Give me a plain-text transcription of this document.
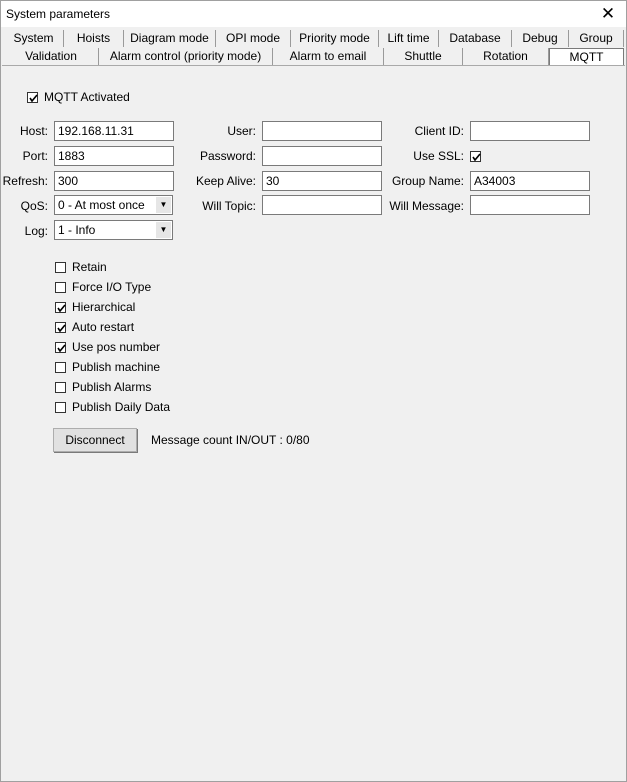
System parameters	✕
System	Hoists	Diagram mode	OPI mode	Priority mode	Lift time	Database	Debug	Group
Validation	Alarm control (priority mode)	Alarm to email	Shuttle	Rotation	MQTT
MQTT Activated
Host: 192.168.11.31
Port: 1883
Refresh: 300
QoS: 0 - At most once	▼
Log: 1 - Info	▼
User:
Password:
Keep Alive: 30
Will Topic:
Client ID:
Use SSL:
Group Name: A34003
Will Message:
Retain
Force I/O Type
Hierarchical
Auto restart
Use pos number
Publish machine
Publish Alarms
Publish Daily Data
Disconnect	Message count IN/OUT : 0/80
